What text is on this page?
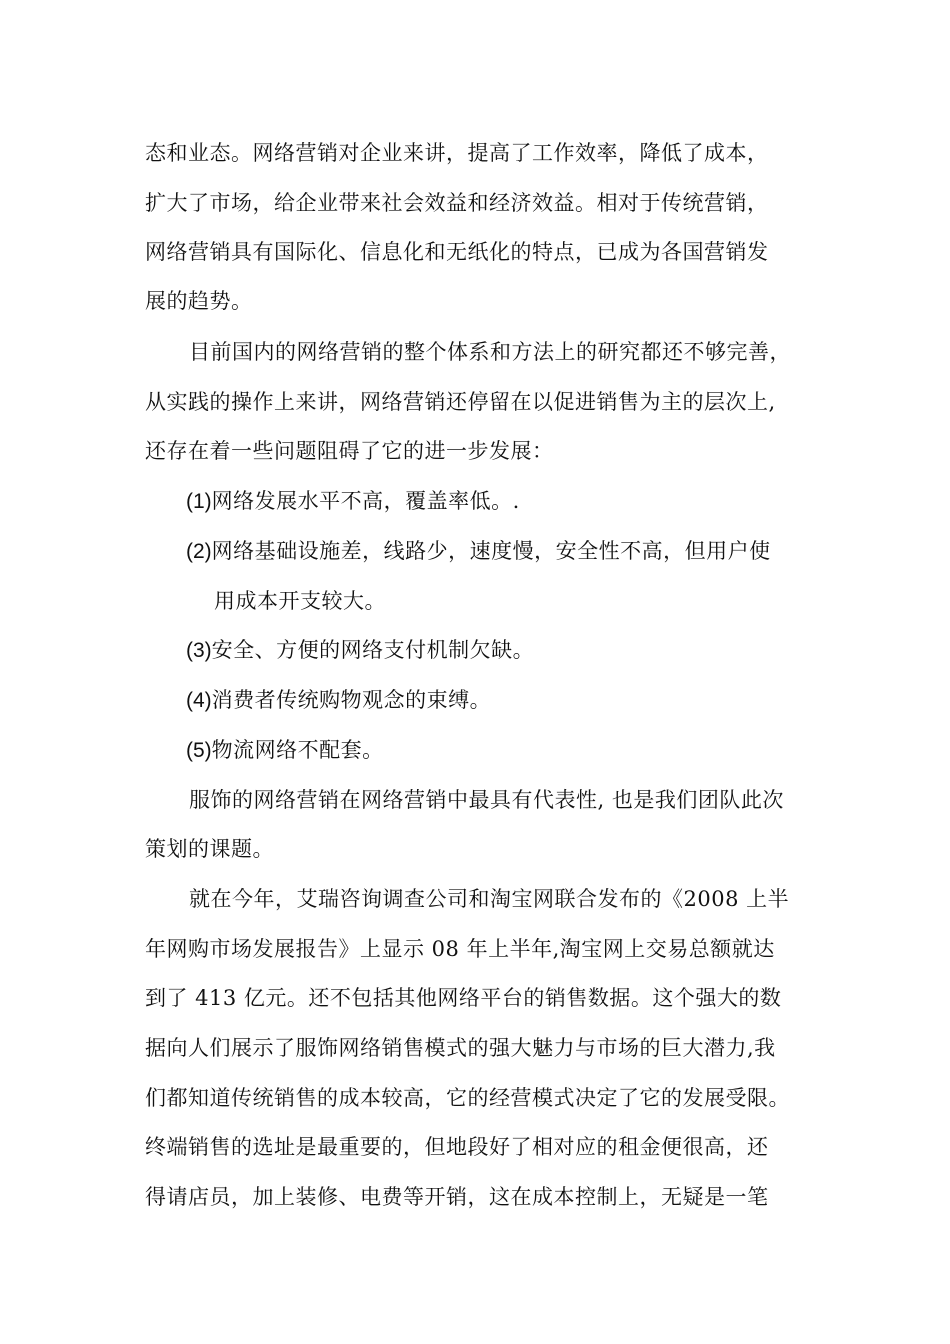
态和业态。网络营销对企业来讲，提高了工作效率，降低了成本，
扩大了市场，给企业带来社会效益和经济效益。相对于传统营销，
网络营销具有国际化、信息化和无纸化的特点，已成为各国营销发
展的趋势。
目前国内的网络营销的整个体系和方法上的研究都还不够完善，
从实践的操作上来讲，网络营销还停留在以促进销售为主的层次上,
还存在着一些问题阻碍了它的进一步发展：
(1)网络发展水平不高，覆盖率低。.
(2)网络基础设施差，线路少，速度慢，安全性不高，但用户使
用成本开支较大。
(3)安全、方便的网络支付机制欠缺。
(4)消费者传统购物观念的束缚。
(5)物流网络不配套。
服饰的网络营销在网络营销中最具有代表性, 也是我们团队此次
策划的课题。
就在今年，艾瑞咨询调查公司和淘宝网联合发布的《2008 上半
年网购市场发展报告》上显示 08 年上半年,淘宝网上交易总额就达
到了 413 亿元。还不包括其他网络平台的销售数据。这个强大的数
据向人们展示了服饰网络销售模式的强大魅力与市场的巨大潜力,我
们都知道传统销售的成本较高，它的经营模式决定了它的发展受限。
终端销售的选址是最重要的，但地段好了相对应的租金便很高，还
得请店员，加上装修、电费等开销，这在成本控制上，无疑是一笔
